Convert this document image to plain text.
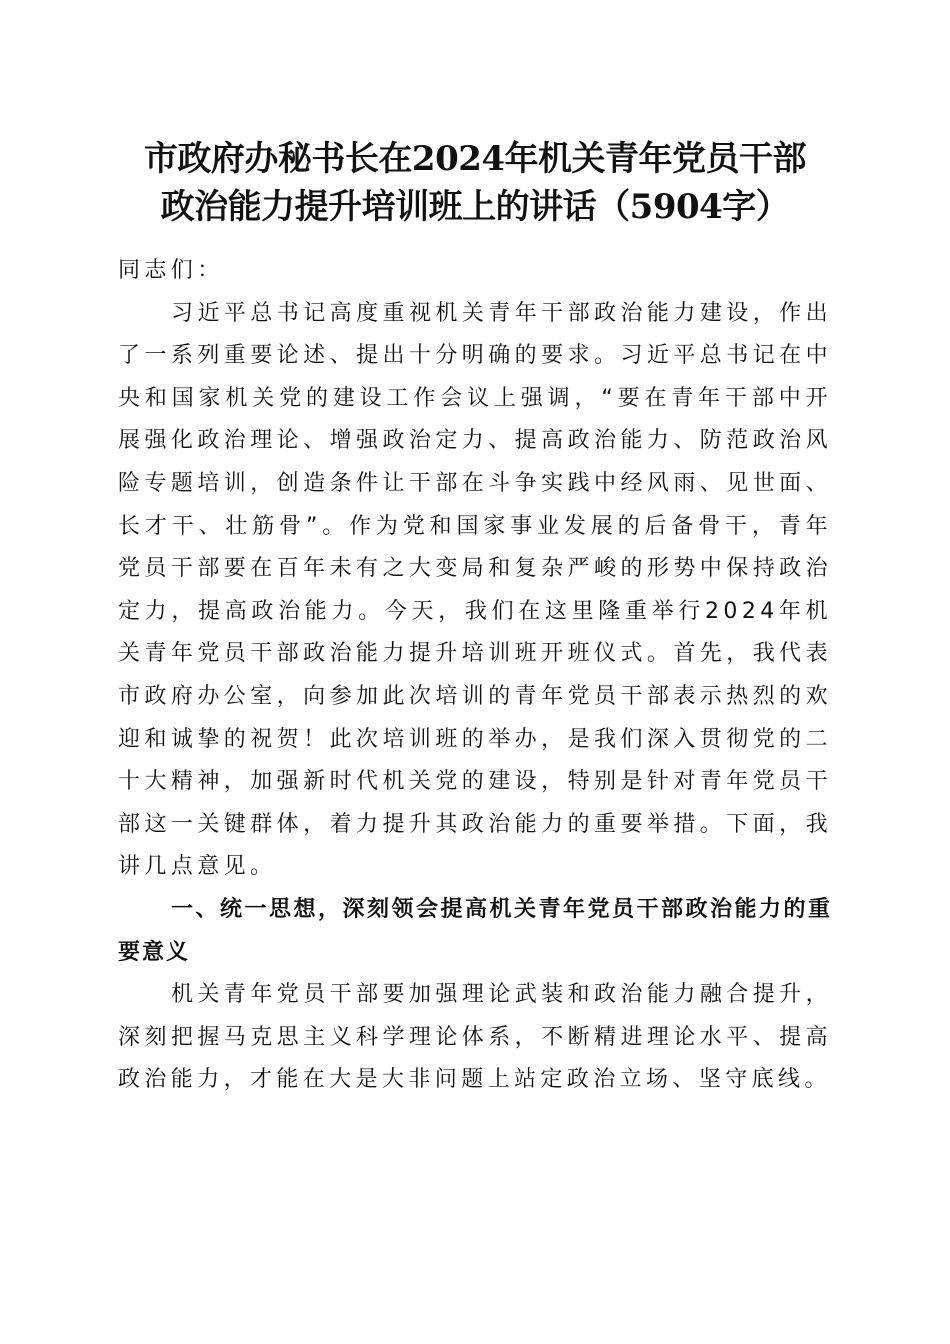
市政府办秘书长在2024年机关青年党员干部
政治能力提升培训班上的讲话（5904字）

同志们：

习近平总书记高度重视机关青年干部政治能力建设，作出了一系列重要论述、提出十分明确的要求。习近平总书记在中央和国家机关党的建设工作会议上强调，“要在青年干部中开展强化政治理论、增强政治定力、提高政治能力、防范政治风险专题培训，创造条件让干部在斗争实践中经风雨、见世面、长才干、壮筋骨”。作为党和国家事业发展的后备骨干，青年党员干部要在百年未有之大变局和复杂严峻的形势中保持政治定力，提高政治能力。今天，我们在这里隆重举行2024年机关青年党员干部政治能力提升培训班开班仪式。首先，我代表市政府办公室，向参加此次培训的青年党员干部表示热烈的欢迎和诚挚的祝贺！此次培训班的举办，是我们深入贯彻党的二十大精神，加强新时代机关党的建设，特别是针对青年党员干部这一关键群体，着力提升其政治能力的重要举措。下面，我讲几点意见。

一、统一思想，深刻领会提高机关青年党员干部政治能力的重要意义

机关青年党员干部要加强理论武装和政治能力融合提升，深刻把握马克思主义科学理论体系，不断精进理论水平、提高政治能力，才能在大是大非问题上站定政治立场、坚守底线。
